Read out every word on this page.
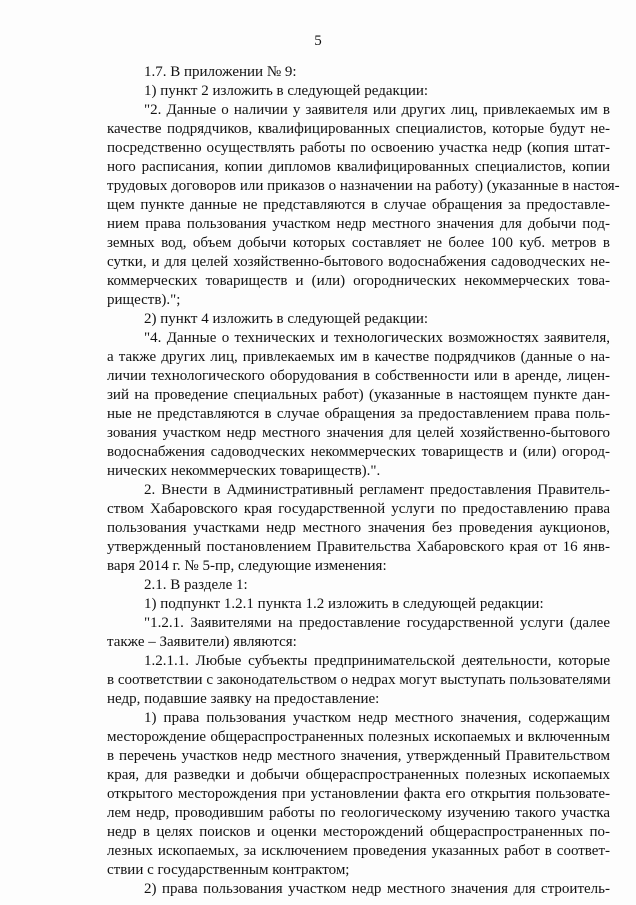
5
1.7. В приложении № 9:
1) пункт 2 изложить в следующей редакции:
"2. Данные о наличии у заявителя или других лиц, привлекаемых им в
качестве подрядчиков, квалифицированных специалистов, которые будут не-
посредственно осуществлять работы по освоению участка недр (копия штат-
ного расписания, копии дипломов квалифицированных специалистов, копии
трудовых договоров или приказов о назначении на работу) (указанные в настоя-
щем пункте данные не представляются в случае обращения за предоставле-
нием права пользования участком недр местного значения для добычи под-
земных вод, объем добычи которых составляет не более 100 куб. метров в
сутки, и для целей хозяйственно-бытового водоснабжения садоводческих не-
коммерческих товариществ и (или) огороднических некоммерческих това-
риществ).";
2) пункт 4 изложить в следующей редакции:
"4. Данные о технических и технологических возможностях заявителя,
а также других лиц, привлекаемых им в качестве подрядчиков (данные о на-
личии технологического оборудования в собственности или в аренде, лицен-
зий на проведение специальных работ) (указанные в настоящем пункте дан-
ные не представляются в случае обращения за предоставлением права поль-
зования участком недр местного значения для целей хозяйственно-бытового
водоснабжения садоводческих некоммерческих товариществ и (или) огород-
нических некоммерческих товариществ).".
2. Внести в Административный регламент предоставления Правитель-
ством Хабаровского края государственной услуги по предоставлению права
пользования участками недр местного значения без проведения аукционов,
утвержденный постановлением Правительства Хабаровского края от 16 янв-
варя 2014 г. № 5-пр, следующие изменения:
2.1. В разделе 1:
1) подпункт 1.2.1 пункта 1.2 изложить в следующей редакции:
"1.2.1. Заявителями на предоставление государственной услуги (далее
также – Заявители) являются:
1.2.1.1. Любые субъекты предпринимательской деятельности, которые
в соответствии с законодательством о недрах могут выступать пользователями
недр, подавшие заявку на предоставление:
1) права пользования участком недр местного значения, содержащим
месторождение общераспространенных полезных ископаемых и включенным
в перечень участков недр местного значения, утвержденный Правительством
края, для разведки и добычи общераспространенных полезных ископаемых
открытого месторождения при установлении факта его открытия пользовате-
лем недр, проводившим работы по геологическому изучению такого участка
недр в целях поисков и оценки месторождений общераспространенных по-
лезных ископаемых, за исключением проведения указанных работ в соответ-
ствии с государственным контрактом;
2) права пользования участком недр местного значения для строитель-
